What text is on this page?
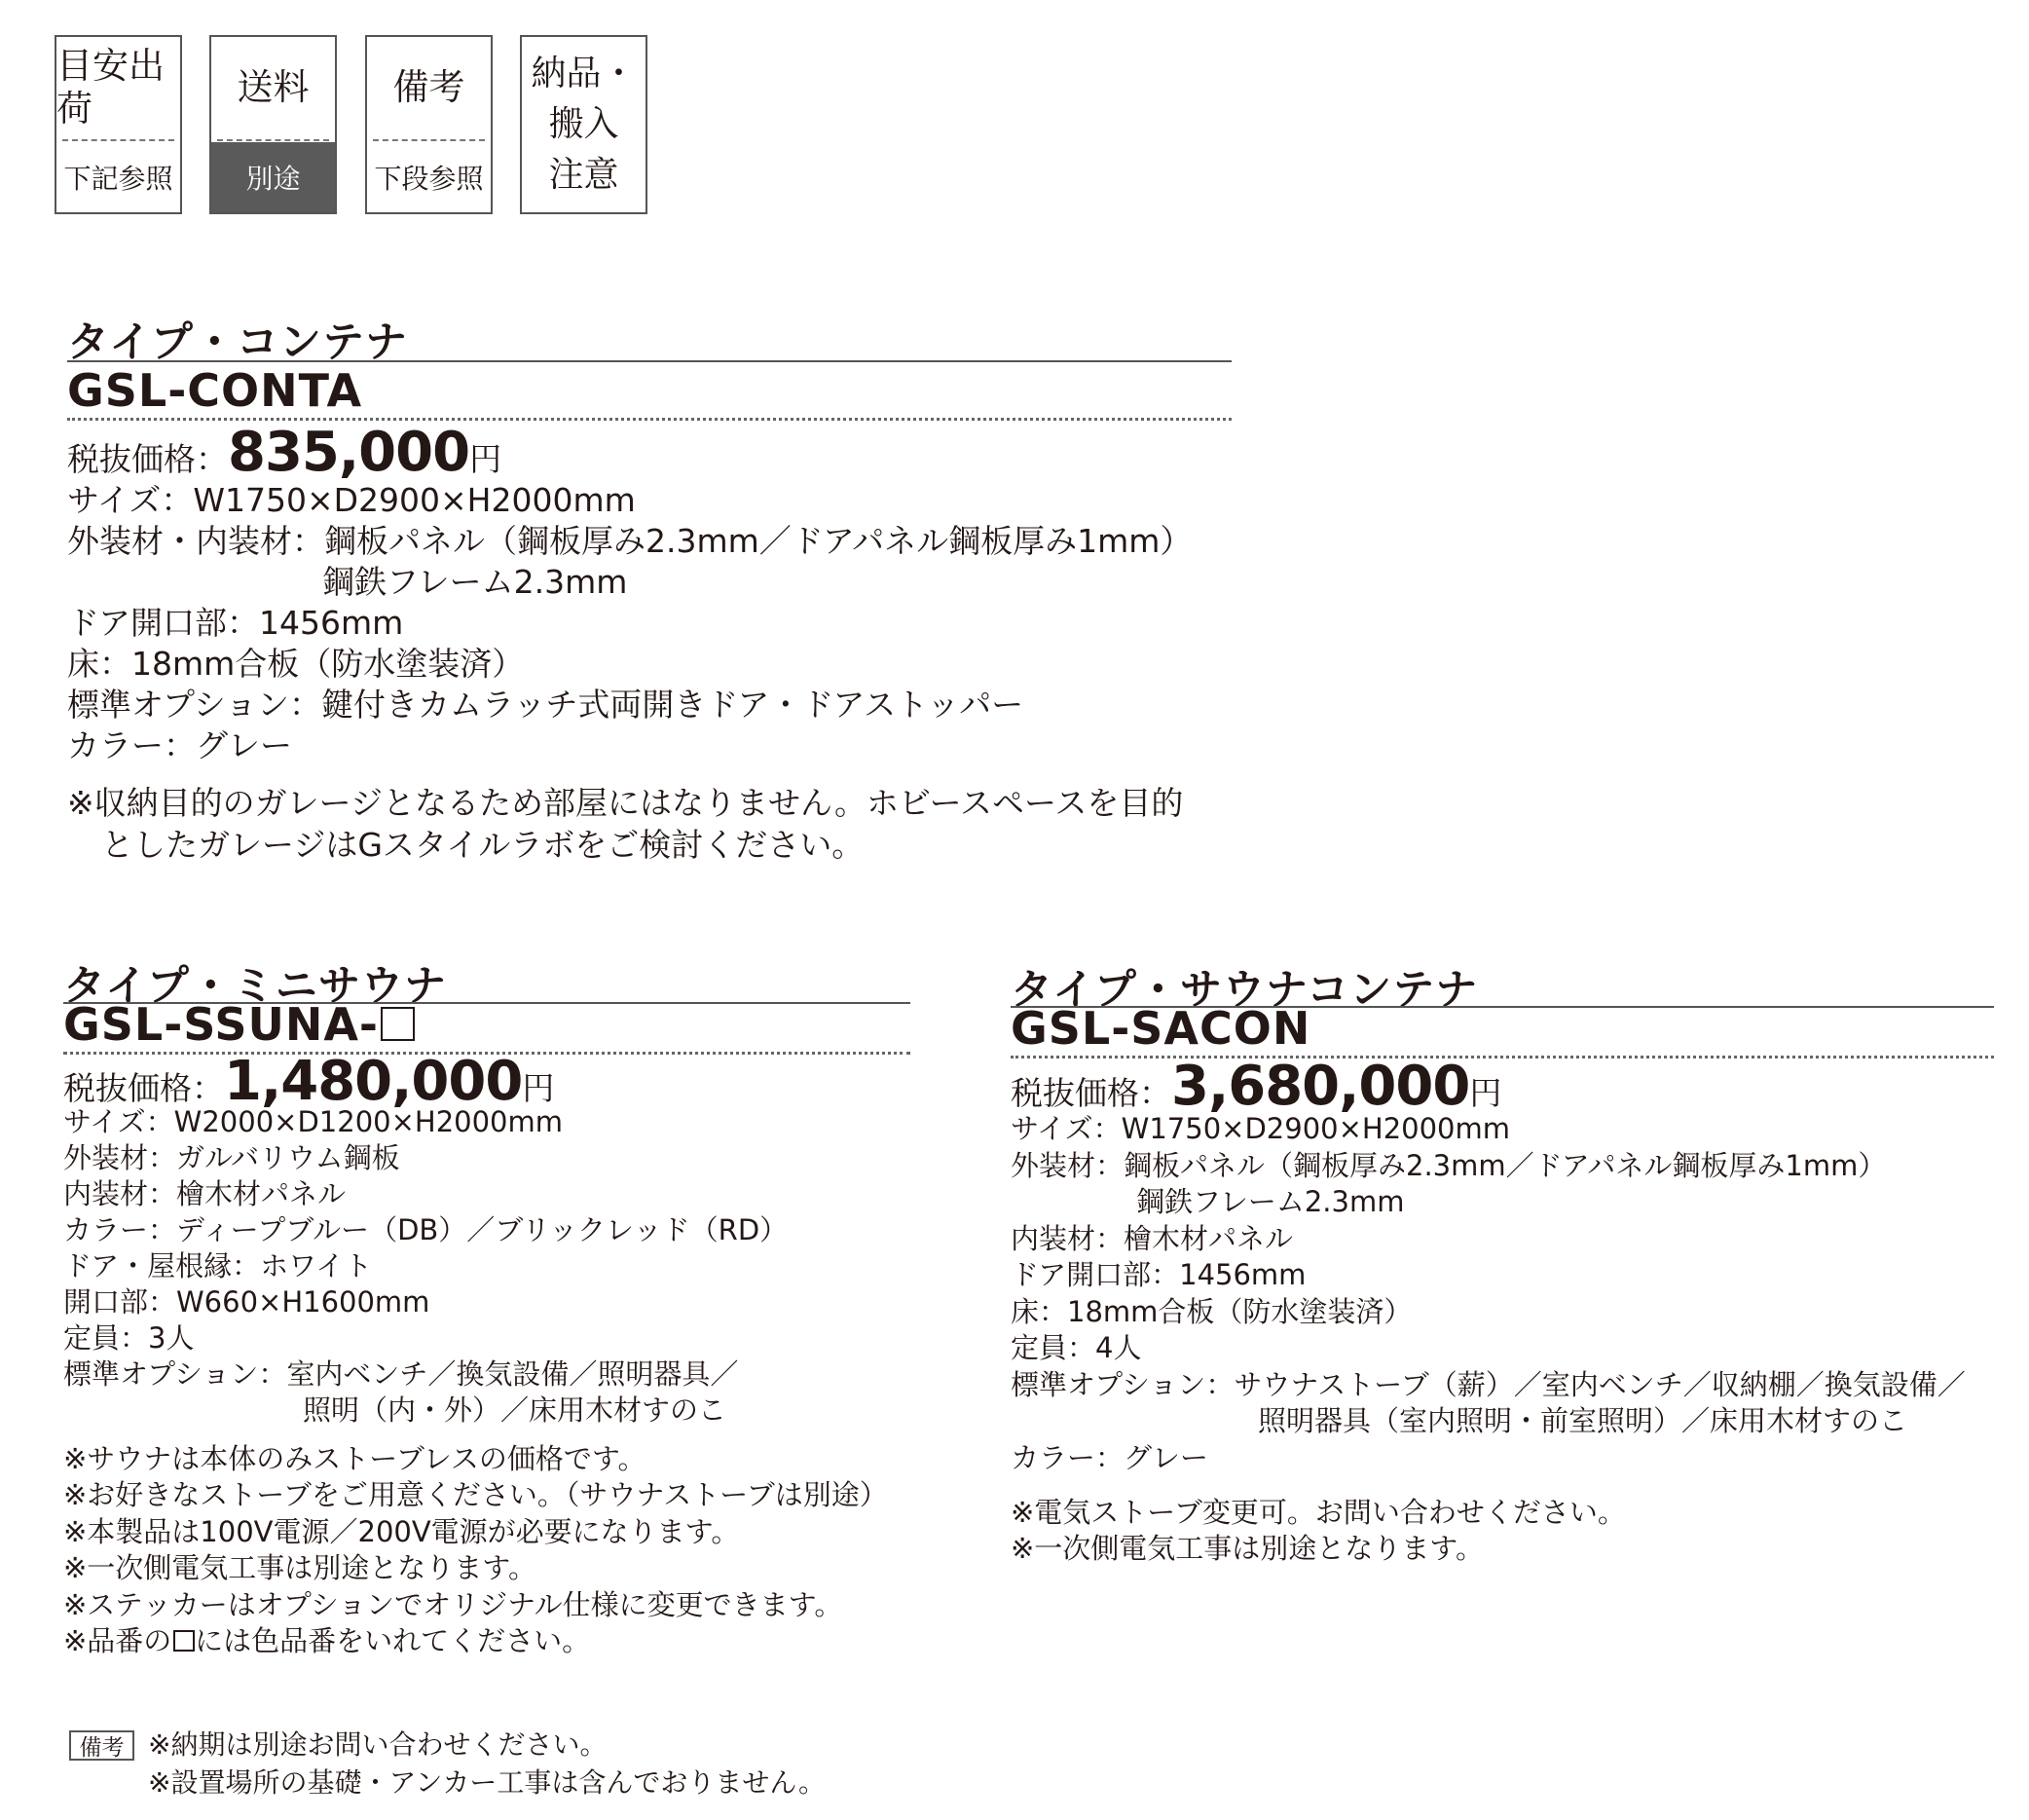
目安出荷
下記参照
送料
別途
備考
下段参照
納品・搬入
注意
タイプ・コンテナ
GSL-CONTA
税抜価格：835,000円
サイズ：W1750×D2900×H2000mm
外装材・内装材：鋼板パネル（鋼板厚み2.3mm／ドアパネル鋼板厚み1mm）
鋼鉄フレーム2.3mm
ドア開口部：1456mm
床：18mm合板（防水塗装済）
標準オプション：鍵付きカムラッチ式両開きドア・ドアストッパー
カラー：グレー
※収納目的のガレージとなるため部屋にはなりません。ホビースペースを目的
としたガレージはGスタイルラボをご検討ください。
タイプ・ミニサウナ
GSL-SSUNA-
税抜価格：1,480,000円
サイズ：W2000×D1200×H2000mm
外装材：ガルバリウム鋼板
内装材：檜木材パネル
カラー：ディープブルー（DB）／ブリックレッド（RD）
ドア・屋根縁：ホワイト
開口部：W660×H1600mm
定員：3人
標準オプション：室内ベンチ／換気設備／照明器具／
照明（内・外）／床用木材すのこ
※サウナは本体のみストーブレスの価格です。
※お好きなストーブをご用意ください。（サウナストーブは別途）
※本製品は100V電源／200V電源が必要になります。
※一次側電気工事は別途となります。
※ステッカーはオプションでオリジナル仕様に変更できます。
※品番の には色品番をいれてください。
タイプ・サウナコンテナ
GSL-SACON
税抜価格：3,680,000円
サイズ：W1750×D2900×H2000mm
外装材：鋼板パネル（鋼板厚み2.3mm／ドアパネル鋼板厚み1mm）
鋼鉄フレーム2.3mm
内装材：檜木材パネル
ドア開口部：1456mm
床：18mm合板（防水塗装済）
定員：4人
標準オプション：サウナストーブ（薪）／室内ベンチ／収納棚／換気設備／
照明器具（室内照明・前室照明）／床用木材すのこ
カラー：グレー
※電気ストーブ変更可。お問い合わせください。
※一次側電気工事は別途となります。
備考 ※納期は別途お問い合わせください。
※設置場所の基礎・アンカー工事は含んでおりません。
